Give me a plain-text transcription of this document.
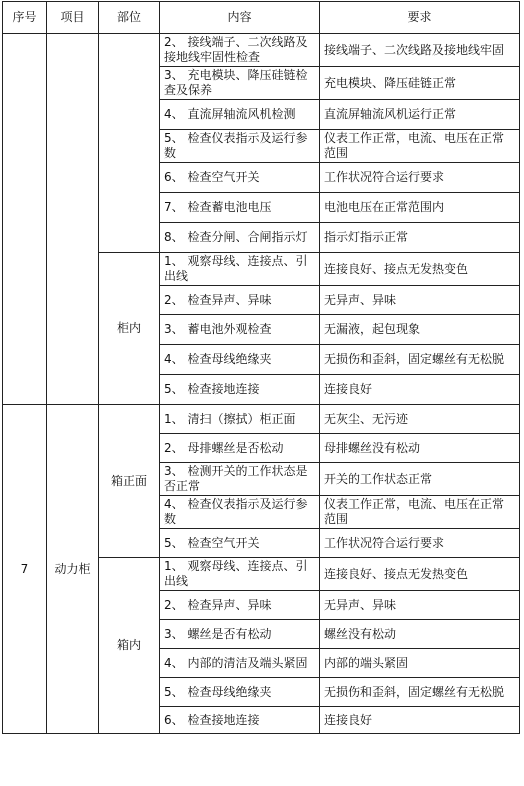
序号	项目	部位	内容	要求
			2、 接线端子、二次线路及接地线牢固性检查	接线端子、二次线路及接地线牢固
			3、 充电模块、降压硅链检查及保养	充电模块、降压硅链正常
			4、 直流屏轴流风机检测	直流屏轴流风机运行正常
			5、 检查仪表指示及运行参数	仪表工作正常，电流、电压在正常范围
			6、 检查空气开关	工作状况符合运行要求
			7、 检查蓄电池电压	电池电压在正常范围内
			8、 检查分闸、合闸指示灯	指示灯指示正常
		柜内	1、 观察母线、连接点、引出线	连接良好、接点无发热变色
			2、 检查异声、异味	无异声、异味
			3、 蓄电池外观检查	无漏液，起包现象
			4、 检查母线绝缘夹	无损伤和歪斜，固定螺丝有无松脱
			5、 检查接地连接	连接良好
7	动力柜	箱正面	1、 清扫（擦拭）柜正面	无灰尘、无污迹
			2、 母排螺丝是否松动	母排螺丝没有松动
			3、 检测开关的工作状态是否正常	开关的工作状态正常
			4、 检查仪表指示及运行参数	仪表工作正常，电流、电压在正常范围
			5、 检查空气开关	工作状况符合运行要求
		箱内	1、 观察母线、连接点、引出线	连接良好、接点无发热变色
			2、 检查异声、异味	无异声、异味
			3、 螺丝是否有松动	螺丝没有松动
			4、 内部的清洁及端头紧固	内部的端头紧固
			5、 检查母线绝缘夹	无损伤和歪斜，固定螺丝有无松脱
			6、 检查接地连接	连接良好
